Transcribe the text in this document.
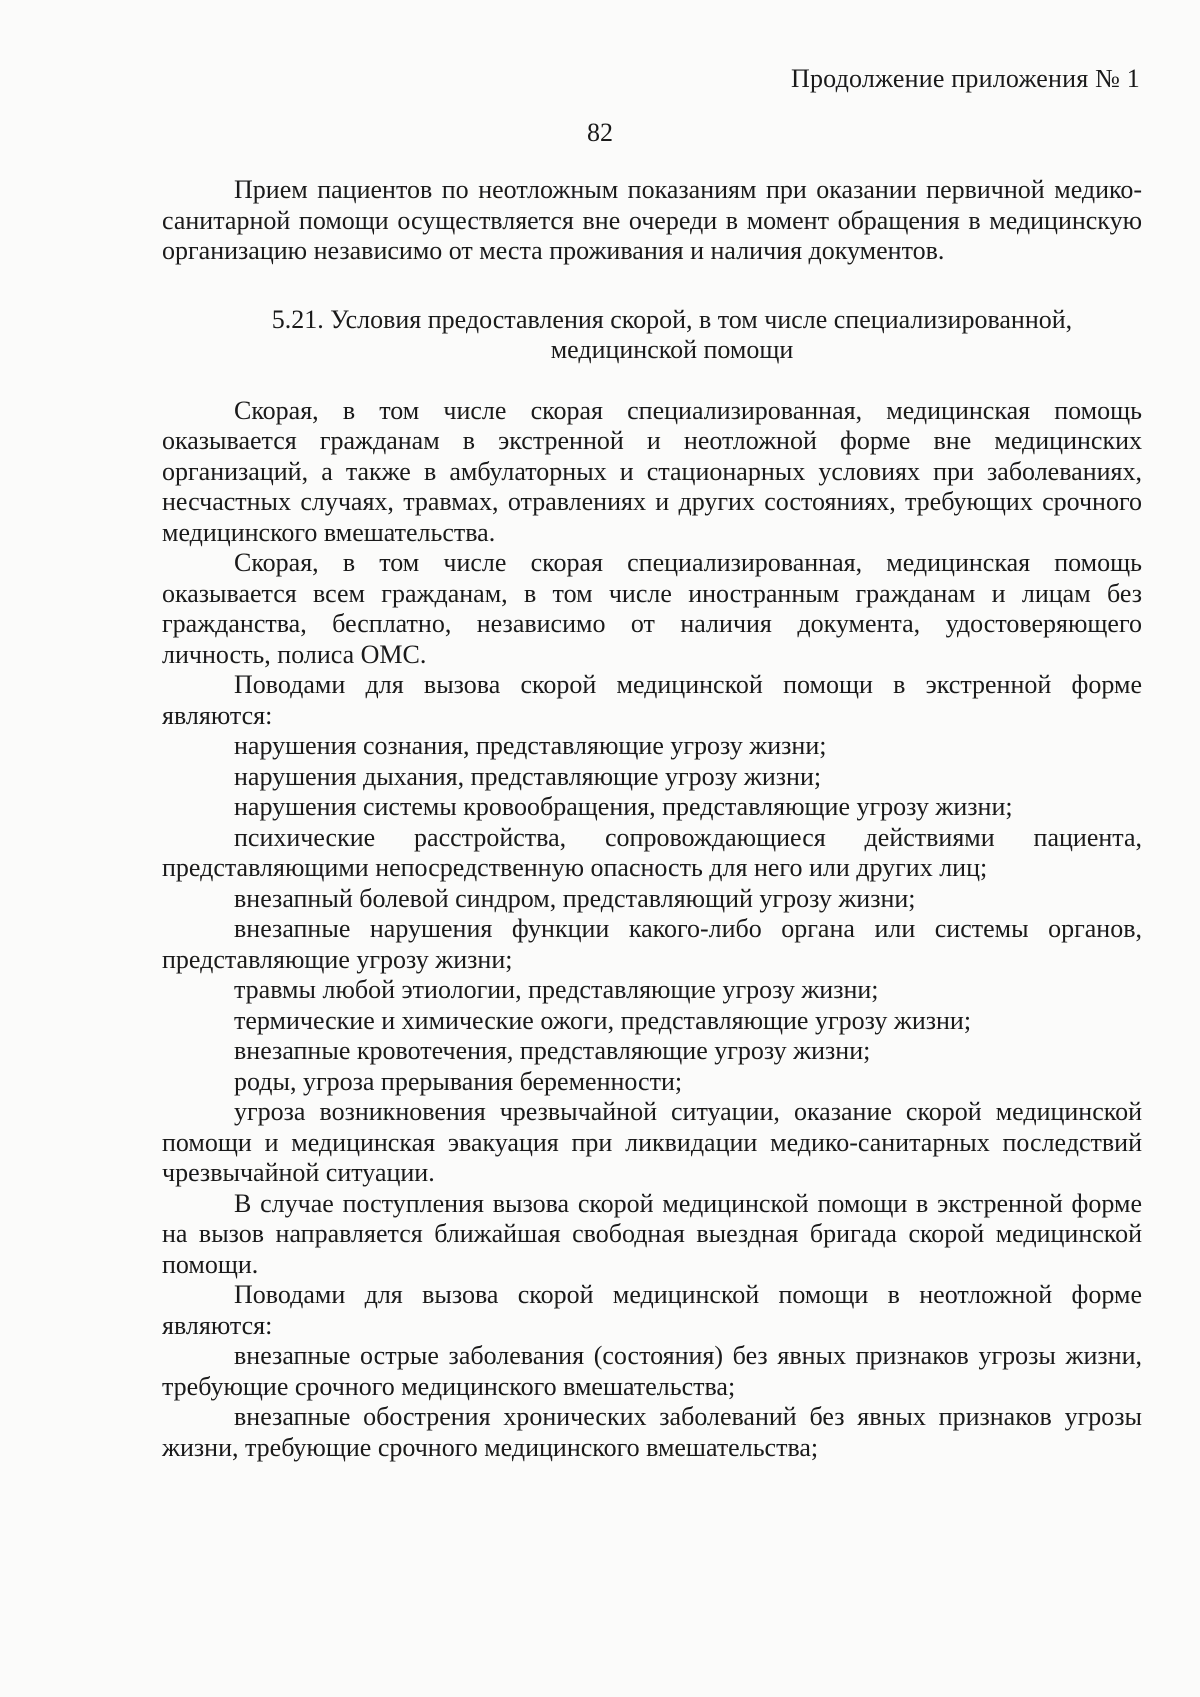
Продолжение приложения № 1
82

Прием пациентов по неотложным показаниям при оказании первичной медико-санитарной помощи осуществляется вне очереди в момент обращения в медицинскую организацию независимо от места проживания и наличия документов.

5.21. Условия предоставления скорой, в том числе специализированной, медицинской помощи

Скорая, в том числе скорая специализированная, медицинская помощь оказывается гражданам в экстренной и неотложной форме вне медицинских организаций, а также в амбулаторных и стационарных условиях при заболеваниях, несчастных случаях, травмах, отравлениях и других состояниях, требующих срочного медицинского вмешательства.

Скорая, в том числе скорая специализированная, медицинская помощь оказывается всем гражданам, в том числе иностранным гражданам и лицам без гражданства, бесплатно, независимо от наличия документа, удостоверяющего личность, полиса ОМС.

Поводами для вызова скорой медицинской помощи в экстренной форме являются:

нарушения сознания, представляющие угрозу жизни;

нарушения дыхания, представляющие угрозу жизни;

нарушения системы кровообращения, представляющие угрозу жизни;

психические расстройства, сопровождающиеся действиями пациента, представляющими непосредственную опасность для него или других лиц;

внезапный болевой синдром, представляющий угрозу жизни;

внезапные нарушения функции какого-либо органа или системы органов, представляющие угрозу жизни;

травмы любой этиологии, представляющие угрозу жизни;

термические и химические ожоги, представляющие угрозу жизни;

внезапные кровотечения, представляющие угрозу жизни;

роды, угроза прерывания беременности;

угроза возникновения чрезвычайной ситуации, оказание скорой медицинской помощи и медицинская эвакуация при ликвидации медико-санитарных последствий чрезвычайной ситуации.

В случае поступления вызова скорой медицинской помощи в экстренной форме на вызов направляется ближайшая свободная выездная бригада скорой медицинской помощи.

Поводами для вызова скорой медицинской помощи в неотложной форме являются:

внезапные острые заболевания (состояния) без явных признаков угрозы жизни, требующие срочного медицинского вмешательства;

внезапные обострения хронических заболеваний без явных признаков угрозы жизни, требующие срочного медицинского вмешательства;
